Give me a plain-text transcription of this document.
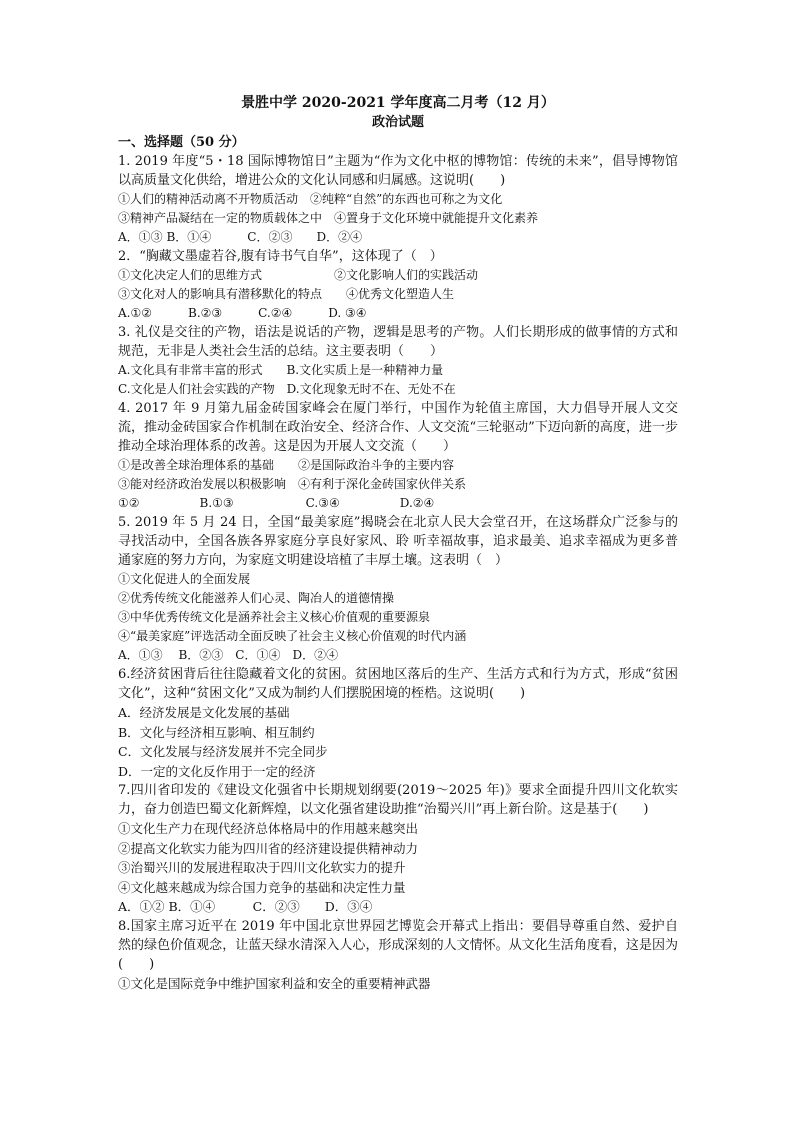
景胜中学 2020-2021 学年度高二月考（12 月）

政治试题

一、选择题（50 分）

1. 2019 年度“5・18 国际博物馆日”主题为“作为文化中枢的博物馆：传统的未来”，倡导博物馆以高质量文化供给，增进公众的文化认同感和归属感。这说明(　　)

①人们的精神活动离不开物质活动　②纯粹“自然”的东西也可称之为文化

③精神产品凝结在一定的物质载体之中　④置身于文化环境中就能提升文化素养

A．①③ B．①④　　　C．②③　　D．②④

2．“胸藏文墨虚若谷,腹有诗书气自华”，这体现了（　）

①文化决定人们的思维方式　　　　　　②文化影响人们的实践活动

③文化对人的影响具有潜移默化的特点　　④优秀文化塑造人生

A.①②　　　B.②③　　　C.②④　　　D. ③④

3. 礼仪是交往的产物，语法是说话的产物，逻辑是思考的产物。人们长期形成的做事情的方式和规范，无非是人类社会生活的总结。这主要表明（　　）

A.文化具有非常丰富的形式　　B.文化实质上是一种精神力量

C.文化是人们社会实践的产物　D.文化现象无时不在、无处不在

4. 2017 年 9 月第九届金砖国家峰会在厦门举行，中国作为轮值主席国，大力倡导开展人文交流，推动金砖国家合作机制在政治安全、经济合作、人文交流“三轮驱动”下迈向新的高度，进一步推动全球治理体系的改善。这是因为开展人文交流（　　）

①是改善全球治理体系的基础　　②是国际政治斗争的主要内容

③能对经济政治发展以积极影响　④有利于深化金砖国家伙伴关系

①②　　　　　B.①③　　　　　　C.③④　　　　　D.②④

5. 2019 年 5 月 24 日，全国“最美家庭”揭晓会在北京人民大会堂召开，在这场群众广泛参与的寻找活动中，全国各族各界家庭分享良好家风、聆 听幸福故事，追求最美、追求幸福成为更多普通家庭的努力方向，为家庭文明建设培植了丰厚土壤。这表明（　）

①文化促进人的全面发展

②优秀传统文化能滋养人们心灵、陶冶人的道德情操

③中华优秀传统文化是涵养社会主义核心价值观的重要源泉

④“最美家庭”评选活动全面反映了社会主义核心价值观的时代内涵

A．①③　 B．②③　C．①④　D．②④

6.经济贫困背后往往隐藏着文化的贫困。贫困地区落后的生产、生活方式和行为方式，形成“贫困文化”，这种“贫困文化”又成为制约人们摆脱困境的桎梏。这说明(　　)

A．经济发展是文化发展的基础

B．文化与经济相互影响、相互制约

C．文化发展与经济发展并不完全同步

D．一定的文化反作用于一定的经济

7.四川省印发的《建设文化强省中长期规划纲要(2019～2025 年)》要求全面提升四川文化软实力，奋力创造巴蜀文化新辉煌，以文化强省建设助推“治蜀兴川”再上新台阶。这是基于(　　)

①文化生产力在现代经济总体格局中的作用越来越突出

②提高文化软实力能为四川省的经济建设提供精神动力

③治蜀兴川的发展进程取决于四川文化软实力的提升

④文化越来越成为综合国力竞争的基础和决定性力量

A．①② B．①④　　　C．②③　　D．③④

8.国家主席习近平在 2019 年中国北京世界园艺博览会开幕式上指出：要倡导尊重自然、爱护自然的绿色价值观念，让蓝天绿水清深入人心，形成深刻的人文情怀。从文化生活角度看，这是因为(　　)

①文化是国际竞争中维护国家利益和安全的重要精神武器
